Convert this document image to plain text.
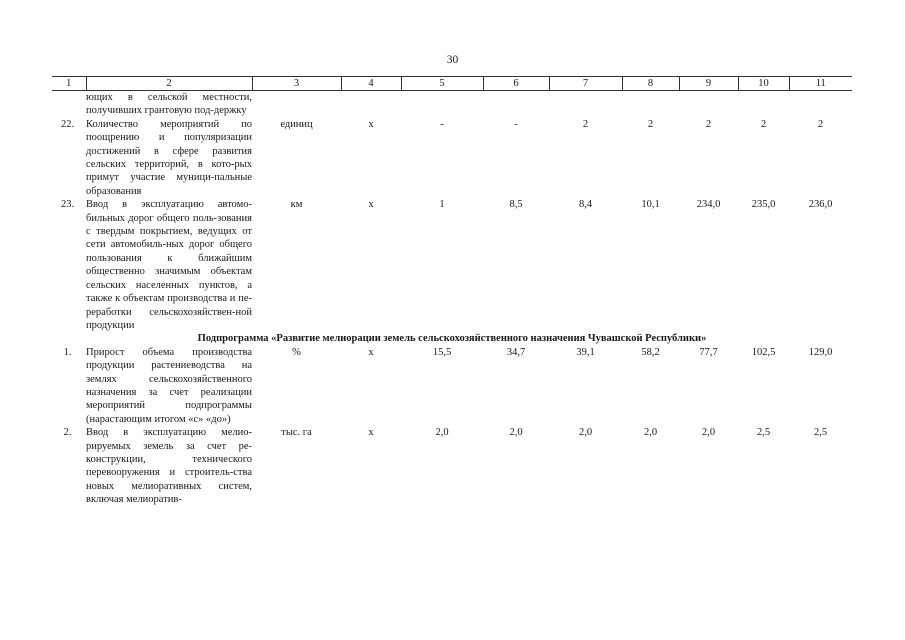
30
1	2	3	4	5	6	7	8	9	10	11
	ющих в сельской местности, получивших грантовую под-держку									
22.	Количество мероприятий по поощрению и популяризации достижений в сфере развития сельских территорий, в кото-рых примут участие муници-пальные образования	единиц	х	-	-	2	2	2	2	2
23.	Ввод в эксплуатацию автомо-бильных дорог общего поль-зования с твердым покрытием, ведущих от сети автомобиль-ных дорог общего пользования к ближайшим общественно значимым объектам сельских населенных пунктов, а также к объектам производства и пе-реработки сельскохозяйствен-ной продукции	км	х	1	8,5	8,4	10,1	234,0	235,0	236,0
Подпрограмма «Развитие мелиорации земель сельскохозяйственного назначения Чувашской Республики»										
1.	Прирост объема производства продукции растениеводства на землях сельскохозяйственного назначения за счет реализации мероприятий подпрограммы (нарастающим итогом «с» «до»)	%	х	15,5	34,7	39,1	58,2	77,7	102,5	129,0
2.	Ввод в эксплуатацию мелио-рируемых земель за счет ре-конструкции, технического перевооружения и строитель-ства новых мелиоративных систем, включая мелиоратив-	тыс. га	х	2,0	2,0	2,0	2,0	2,0	2,5	2,5
